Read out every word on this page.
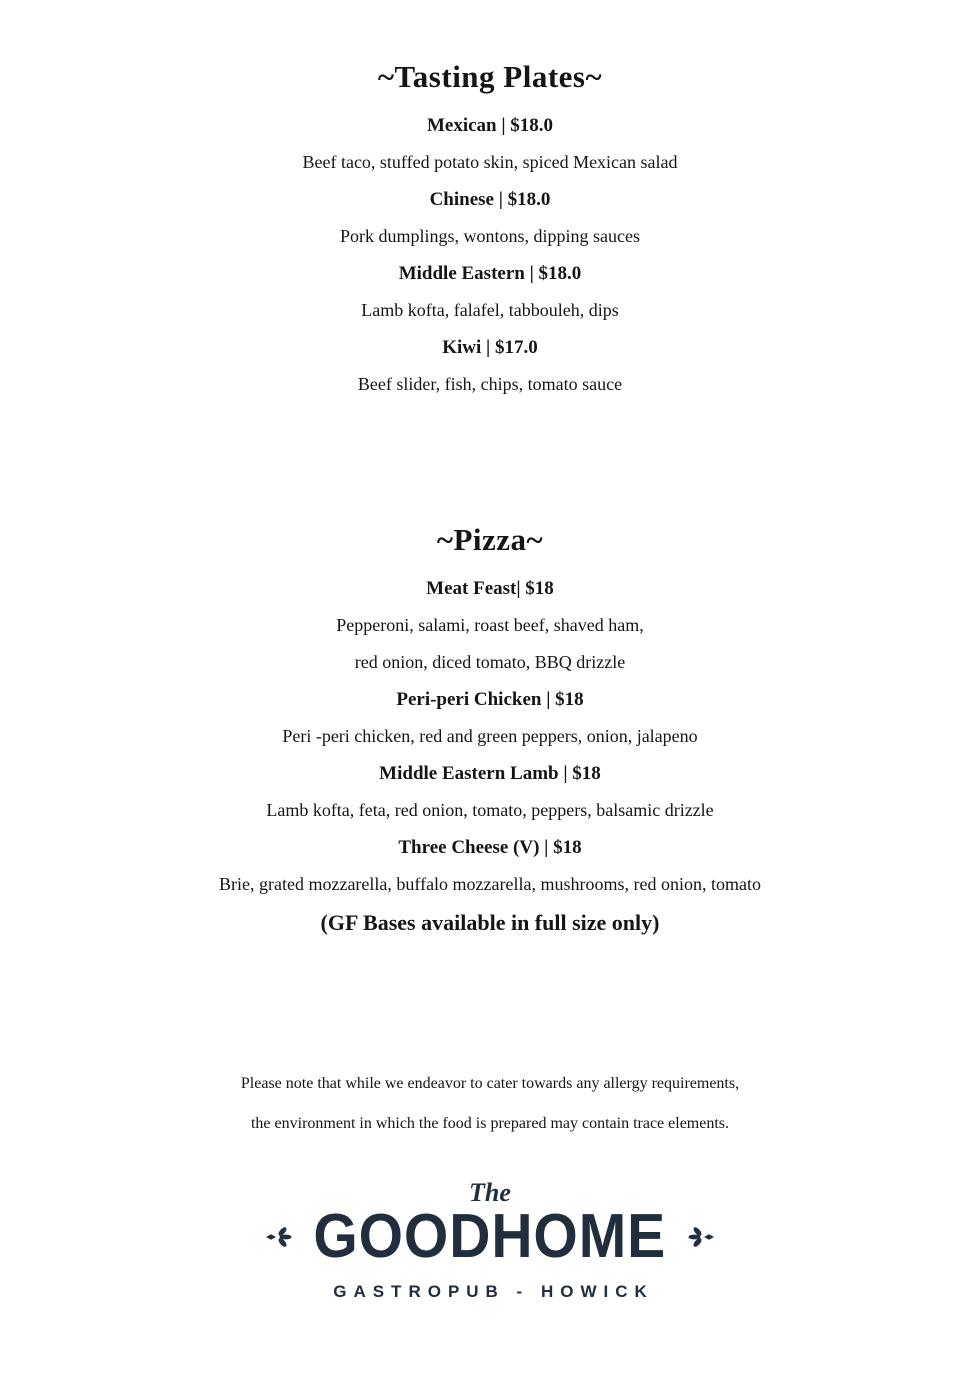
~Tasting Plates~

Mexican | $18.0

Beef taco, stuffed potato skin, spiced Mexican salad

Chinese | $18.0

Pork dumplings, wontons, dipping sauces

Middle Eastern | $18.0

Lamb kofta, falafel, tabbouleh, dips

Kiwi | $17.0

Beef slider, fish, chips, tomato sauce

~Pizza~

Meat Feast| $18

Pepperoni, salami, roast beef, shaved ham,

red onion, diced tomato, BBQ drizzle

Peri-peri Chicken | $18

Peri -peri chicken, red and green peppers, onion, jalapeno

Middle Eastern Lamb | $18

Lamb kofta, feta, red onion, tomato, peppers, balsamic drizzle

Three Cheese (V) | $18

Brie, grated mozzarella, buffalo mozzarella, mushrooms, red onion, tomato

(GF Bases available in full size only)

Please note that while we endeavor to cater towards any allergy requirements,

the environment in which the food is prepared may contain trace elements.

The
GOODHOME
GASTROPUB - HOWICK
